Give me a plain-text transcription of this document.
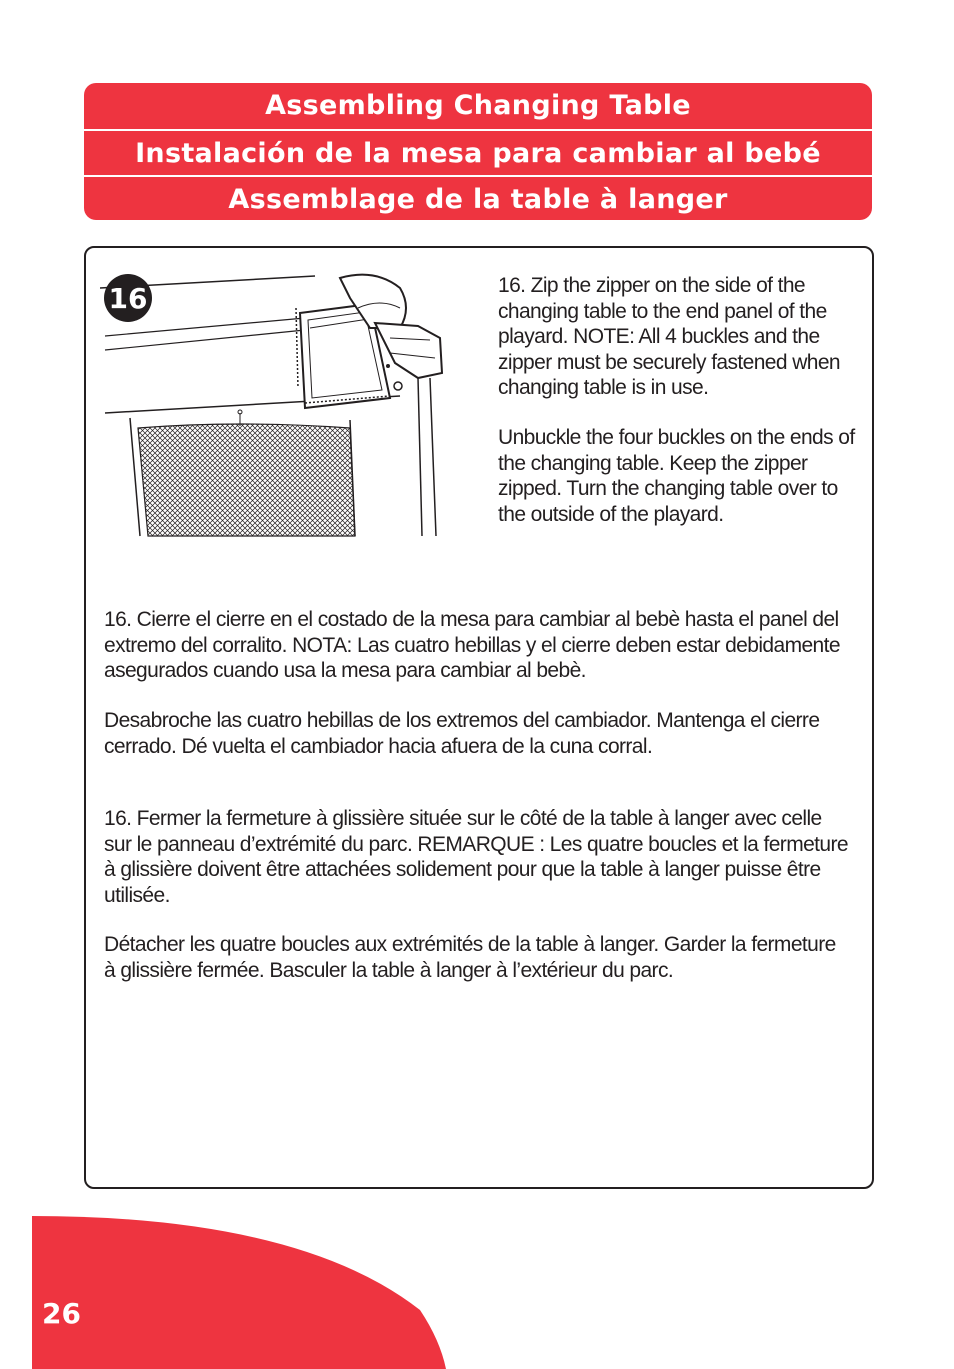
Assembling Changing Table
Instalación de la mesa para cambiar al bebé
Assemblage de la table à langer
16	16. Zip the zipper on the side of the changing table to the end panel of the playard. NOTE: All 4 buckles and the zipper must be securely fastened when changing table is in use.

Unbuckle the four buckles on the ends of the changing table. Keep the zipper zipped. Turn the changing table over to the outside of the playard.

16. Cierre el cierre en el costado de la mesa para cambiar al bebè hasta el panel del extremo del corralito. NOTA: Las cuatro hebillas y el cierre deben estar debidamente asegurados cuando usa la mesa para cambiar al bebè.

Desabroche las cuatro hebillas de los extremos del cambiador. Mantenga el cierre cerrado. Dé vuelta el cambiador hacia afuera de la cuna corral.

16. Fermer la fermeture à glissière située sur le côté de la table à langer avec celle sur le panneau d’extrémité du parc. REMARQUE : Les quatre boucles et la fermeture à glissière doivent être attachées solidement pour que la table à langer puisse être utilisée.

Détacher les quatre boucles aux extrémités de la table à langer. Garder la fermeture à glissière fermée. Basculer la table à langer à l’extérieur du parc.

26
